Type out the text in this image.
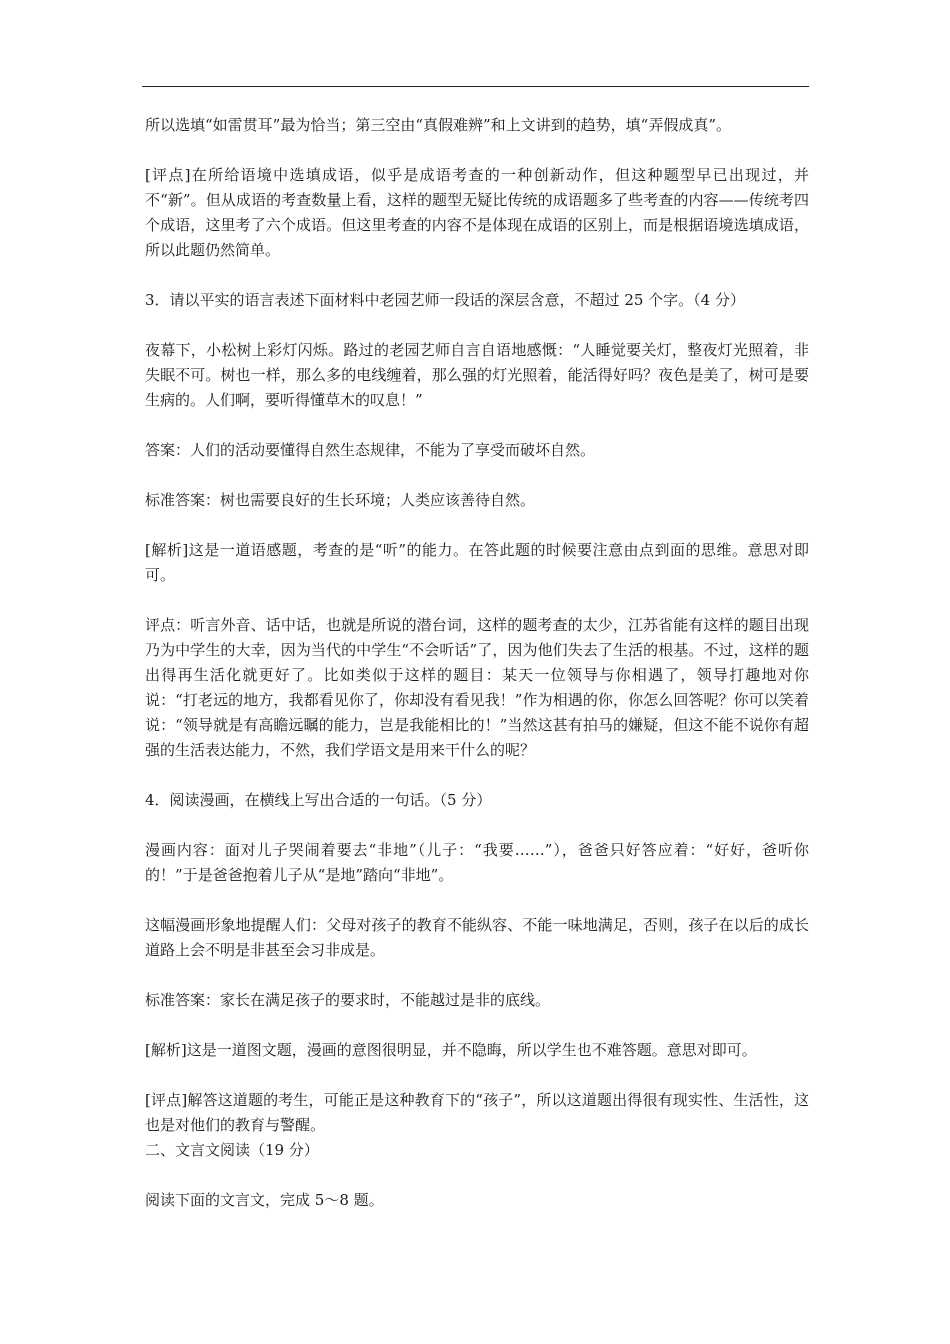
所以选填“如雷贯耳”最为恰当；第三空由“真假难辨”和上文讲到的趋势，填“弄假成真”。

[评点]在所给语境中选填成语，似乎是成语考查的一种创新动作，但这种题型早已出现过，并不“新”。但从成语的考查数量上看，这样的题型无疑比传统的成语题多了些考查的内容——传统考四个成语，这里考了六个成语。但这里考查的内容不是体现在成语的区别上，而是根据语境选填成语，所以此题仍然简单。

3．请以平实的语言表述下面材料中老园艺师一段话的深层含意，不超过 25 个字。（4 分）

夜幕下，小松树上彩灯闪烁。路过的老园艺师自言自语地感慨：“人睡觉要关灯，整夜灯光照着，非失眠不可。树也一样，那么多的电线缠着，那么强的灯光照着，能活得好吗？夜色是美了，树可是要生病的。人们啊，要听得懂草木的叹息！”

答案：人们的活动要懂得自然生态规律，不能为了享受而破坏自然。

标准答案：树也需要良好的生长环境；人类应该善待自然。

[解析]这是一道语感题，考查的是“听”的能力。在答此题的时候要注意由点到面的思维。意思对即可。

评点：听言外音、话中话，也就是所说的潜台词，这样的题考查的太少，江苏省能有这样的题目出现乃为中学生的大幸，因为当代的中学生“不会听话”了，因为他们失去了生活的根基。不过，这样的题出得再生活化就更好了。比如类似于这样的题目：某天一位领导与你相遇了，领导打趣地对你说：“打老远的地方，我都看见你了，你却没有看见我！”作为相遇的你，你怎么回答呢？你可以笑着说：“领导就是有高瞻远瞩的能力，岂是我能相比的！”当然这甚有拍马的嫌疑，但这不能不说你有超强的生活表达能力，不然，我们学语文是用来干什么的呢？

4．阅读漫画，在横线上写出合适的一句话。（5 分）

漫画内容：面对儿子哭闹着要去“非地”（儿子：“我要……”），爸爸只好答应着：“好好，爸听你的！”于是爸爸抱着儿子从“是地”踏向“非地”。

这幅漫画形象地提醒人们：父母对孩子的教育不能纵容、不能一味地满足，否则，孩子在以后的成长道路上会不明是非甚至会习非成是。

标准答案：家长在满足孩子的要求时，不能越过是非的底线。

[解析]这是一道图文题，漫画的意图很明显，并不隐晦，所以学生也不难答题。意思对即可。

[评点]解答这道题的考生，可能正是这种教育下的“孩子”，所以这道题出得很有现实性、生活性，这也是对他们的教育与警醒。

二、文言文阅读（19 分）

阅读下面的文言文，完成 5～8 题。
